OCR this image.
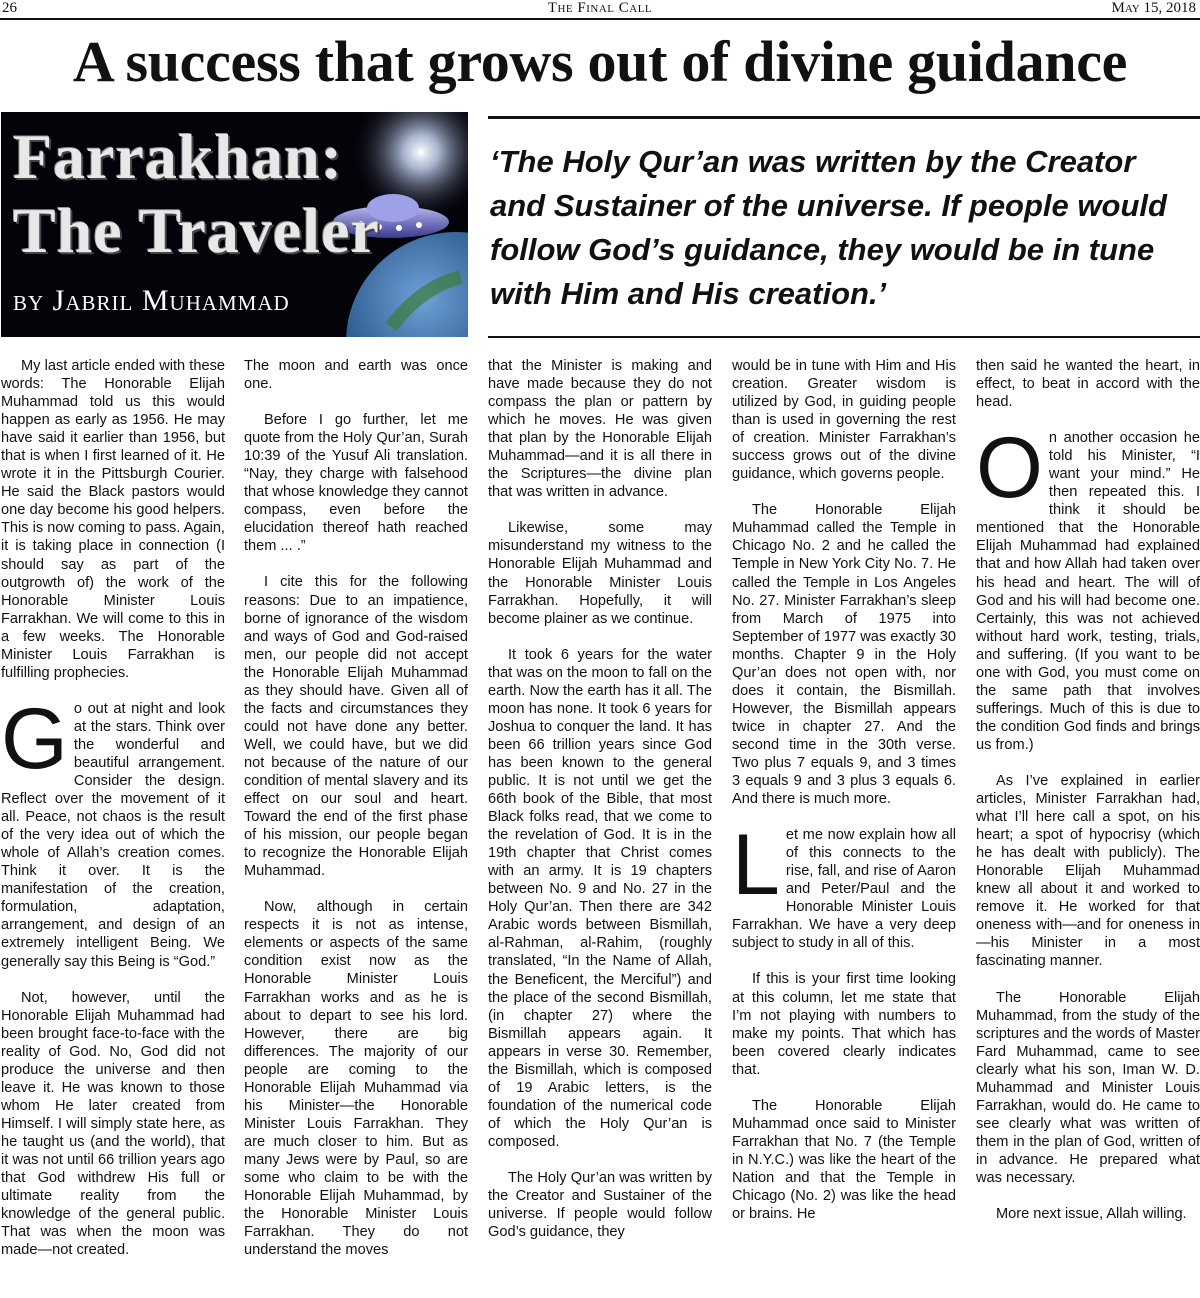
26	The Final Call	May 15, 2018
A success that grows out of divine guidance
Farrakhan:
The Traveler
by Jabril Muhammad

‘The Holy Qur’an was written by the Creator and Sustainer of the universe. If people would follow God’s guidance, they would be in tune with Him and His creation.’

My last article ended with these words: The Honorable Elijah Muhammad told us this would happen as early as 1956. He may have said it earlier than 1956, but that is when I first learned of it. He wrote it in the Pittsburgh Courier. He said the Black pastors would one day become his good helpers. This is now coming to pass. Again, it is taking place in connection (I should say as part of the outgrowth of) the work of the Honorable Minister Louis Farrakhan. We will come to this in a few weeks. The Honorable Minister Louis Farrakhan is fulfilling prophecies.

Go out at night and look at the stars. Think over the wonderful and beautiful arrangement. Consider the design. Reflect over the movement of it all. Peace, not chaos is the result of the very idea out of which the whole of Allah’s creation comes. Think it over. It is the manifestation of the creation, formulation, adaptation, arrangement, and design of an extremely intelligent Being. We generally say this Being is “God.”

Not, however, until the Honorable Elijah Muhammad had been brought face-to-face with the reality of God. No, God did not produce the universe and then leave it. He was known to those whom He later created from Himself. I will simply state here, as he taught us (and the world), that it was not until 66 trillion years ago that God withdrew His full or ultimate reality from the knowledge of the general public. That was when the moon was made—not created.

The moon and earth was once one.

Before I go further, let me quote from the Holy Qur’an, Surah 10:39 of the Yusuf Ali translation. “Nay, they charge with falsehood that whose knowledge they cannot compass, even before the elucidation thereof hath reached them ... .”

I cite this for the following reasons: Due to an impatience, borne of ignorance of the wisdom and ways of God and God-raised men, our people did not accept the Honorable Elijah Muhammad as they should have. Given all of the facts and circumstances they could not have done any better. Well, we could have, but we did not because of the nature of our condition of mental slavery and its effect on our soul and heart. Toward the end of the first phase of his mission, our people began to recognize the Honorable Elijah Muhammad.

Now, although in certain respects it is not as intense, elements or aspects of the same condition exist now as the Honorable Minister Louis Farrakhan works and as he is about to depart to see his lord. However, there are big differences. The majority of our people are coming to the Honorable Elijah Muhammad via his Minister—the Honorable Minister Louis Farrakhan. They are much closer to him. But as many Jews were by Paul, so are some who claim to be with the Honorable Elijah Muhammad, by the Honorable Minister Louis Farrakhan. They do not understand the moves

that the Minister is making and have made because they do not compass the plan or pattern by which he moves. He was given that plan by the Honorable Elijah Muhammad—and it is all there in the Scriptures—the divine plan that was written in advance.

Likewise, some may misunderstand my witness to the Honorable Elijah Muhammad and the Honorable Minister Louis Farrakhan. Hopefully, it will become plainer as we continue.

It took 6 years for the water that was on the moon to fall on the earth. Now the earth has it all. The moon has none. It took 6 years for Joshua to conquer the land. It has been 66 trillion years since God has been known to the general public. It is not until we get the 66th book of the Bible, that most Black folks read, that we come to the revelation of God. It is in the 19th chapter that Christ comes with an army. It is 19 chapters between No. 9 and No. 27 in the Holy Qur’an. Then there are 342 Arabic words between Bismillah, al-Rahman, al-Rahim, (roughly translated, “In the Name of Allah, the Beneficent, the Merciful”) and the place of the second Bismillah, (in chapter 27) where the Bismillah appears again. It appears in verse 30. Remember, the Bismillah, which is composed of 19 Arabic letters, is the foundation of the numerical code of which the Holy Qur’an is composed.

The Holy Qur’an was written by the Creator and Sustainer of the universe. If people would follow God’s guidance, they

would be in tune with Him and His creation. Greater wisdom is utilized by God, in guiding people than is used in governing the rest of creation. Minister Farrakhan’s success grows out of the divine guidance, which governs people.

The Honorable Elijah Muhammad called the Temple in Chicago No. 2 and he called the Temple in New York City No. 7. He called the Temple in Los Angeles No. 27. Minister Farrakhan’s sleep from March of 1975 into September of 1977 was exactly 30 months. Chapter 9 in the Holy Qur’an does not open with, nor does it contain, the Bismillah. However, the Bismillah appears twice in chapter 27. And the second time in the 30th verse. Two plus 7 equals 9, and 3 times 3 equals 9 and 3 plus 3 equals 6. And there is much more.

Let me now explain how all of this connects to the rise, fall, and rise of Aaron and Peter/Paul and the Honorable Minister Louis Farrakhan. We have a very deep subject to study in all of this.

If this is your first time looking at this column, let me state that I’m not playing with numbers to make my points. That which has been covered clearly indicates that.

The Honorable Elijah Muhammad once said to Minister Farrakhan that No. 7 (the Temple in N.Y.C.) was like the heart of the Nation and that the Temple in Chicago (No. 2) was like the head or brains. He

then said he wanted the heart, in effect, to beat in accord with the head.

On another occasion he told his Minister, “I want your mind.” He then repeated this. I think it should be mentioned that the Honorable Elijah Muhammad had explained that and how Allah had taken over his head and heart. The will of God and his will had become one. Certainly, this was not achieved without hard work, testing, trials, and suffering. (If you want to be one with God, you must come on the same path that involves sufferings. Much of this is due to the condition God finds and brings us from.)

As I’ve explained in earlier articles, Minister Farrakhan had, what I’ll here call a spot, on his heart; a spot of hypocrisy (which he has dealt with publicly). The Honorable Elijah Muhammad knew all about it and worked to remove it. He worked for that oneness with—and for oneness in—his Minister in a most fascinating manner.

The Honorable Elijah Muhammad, from the study of the scriptures and the words of Master Fard Muhammad, came to see clearly what his son, Iman W. D. Muhammad and Minister Louis Farrakhan, would do. He came to see clearly what was written of them in the plan of God, written of in advance. He prepared what was necessary.

More next issue, Allah willing.
